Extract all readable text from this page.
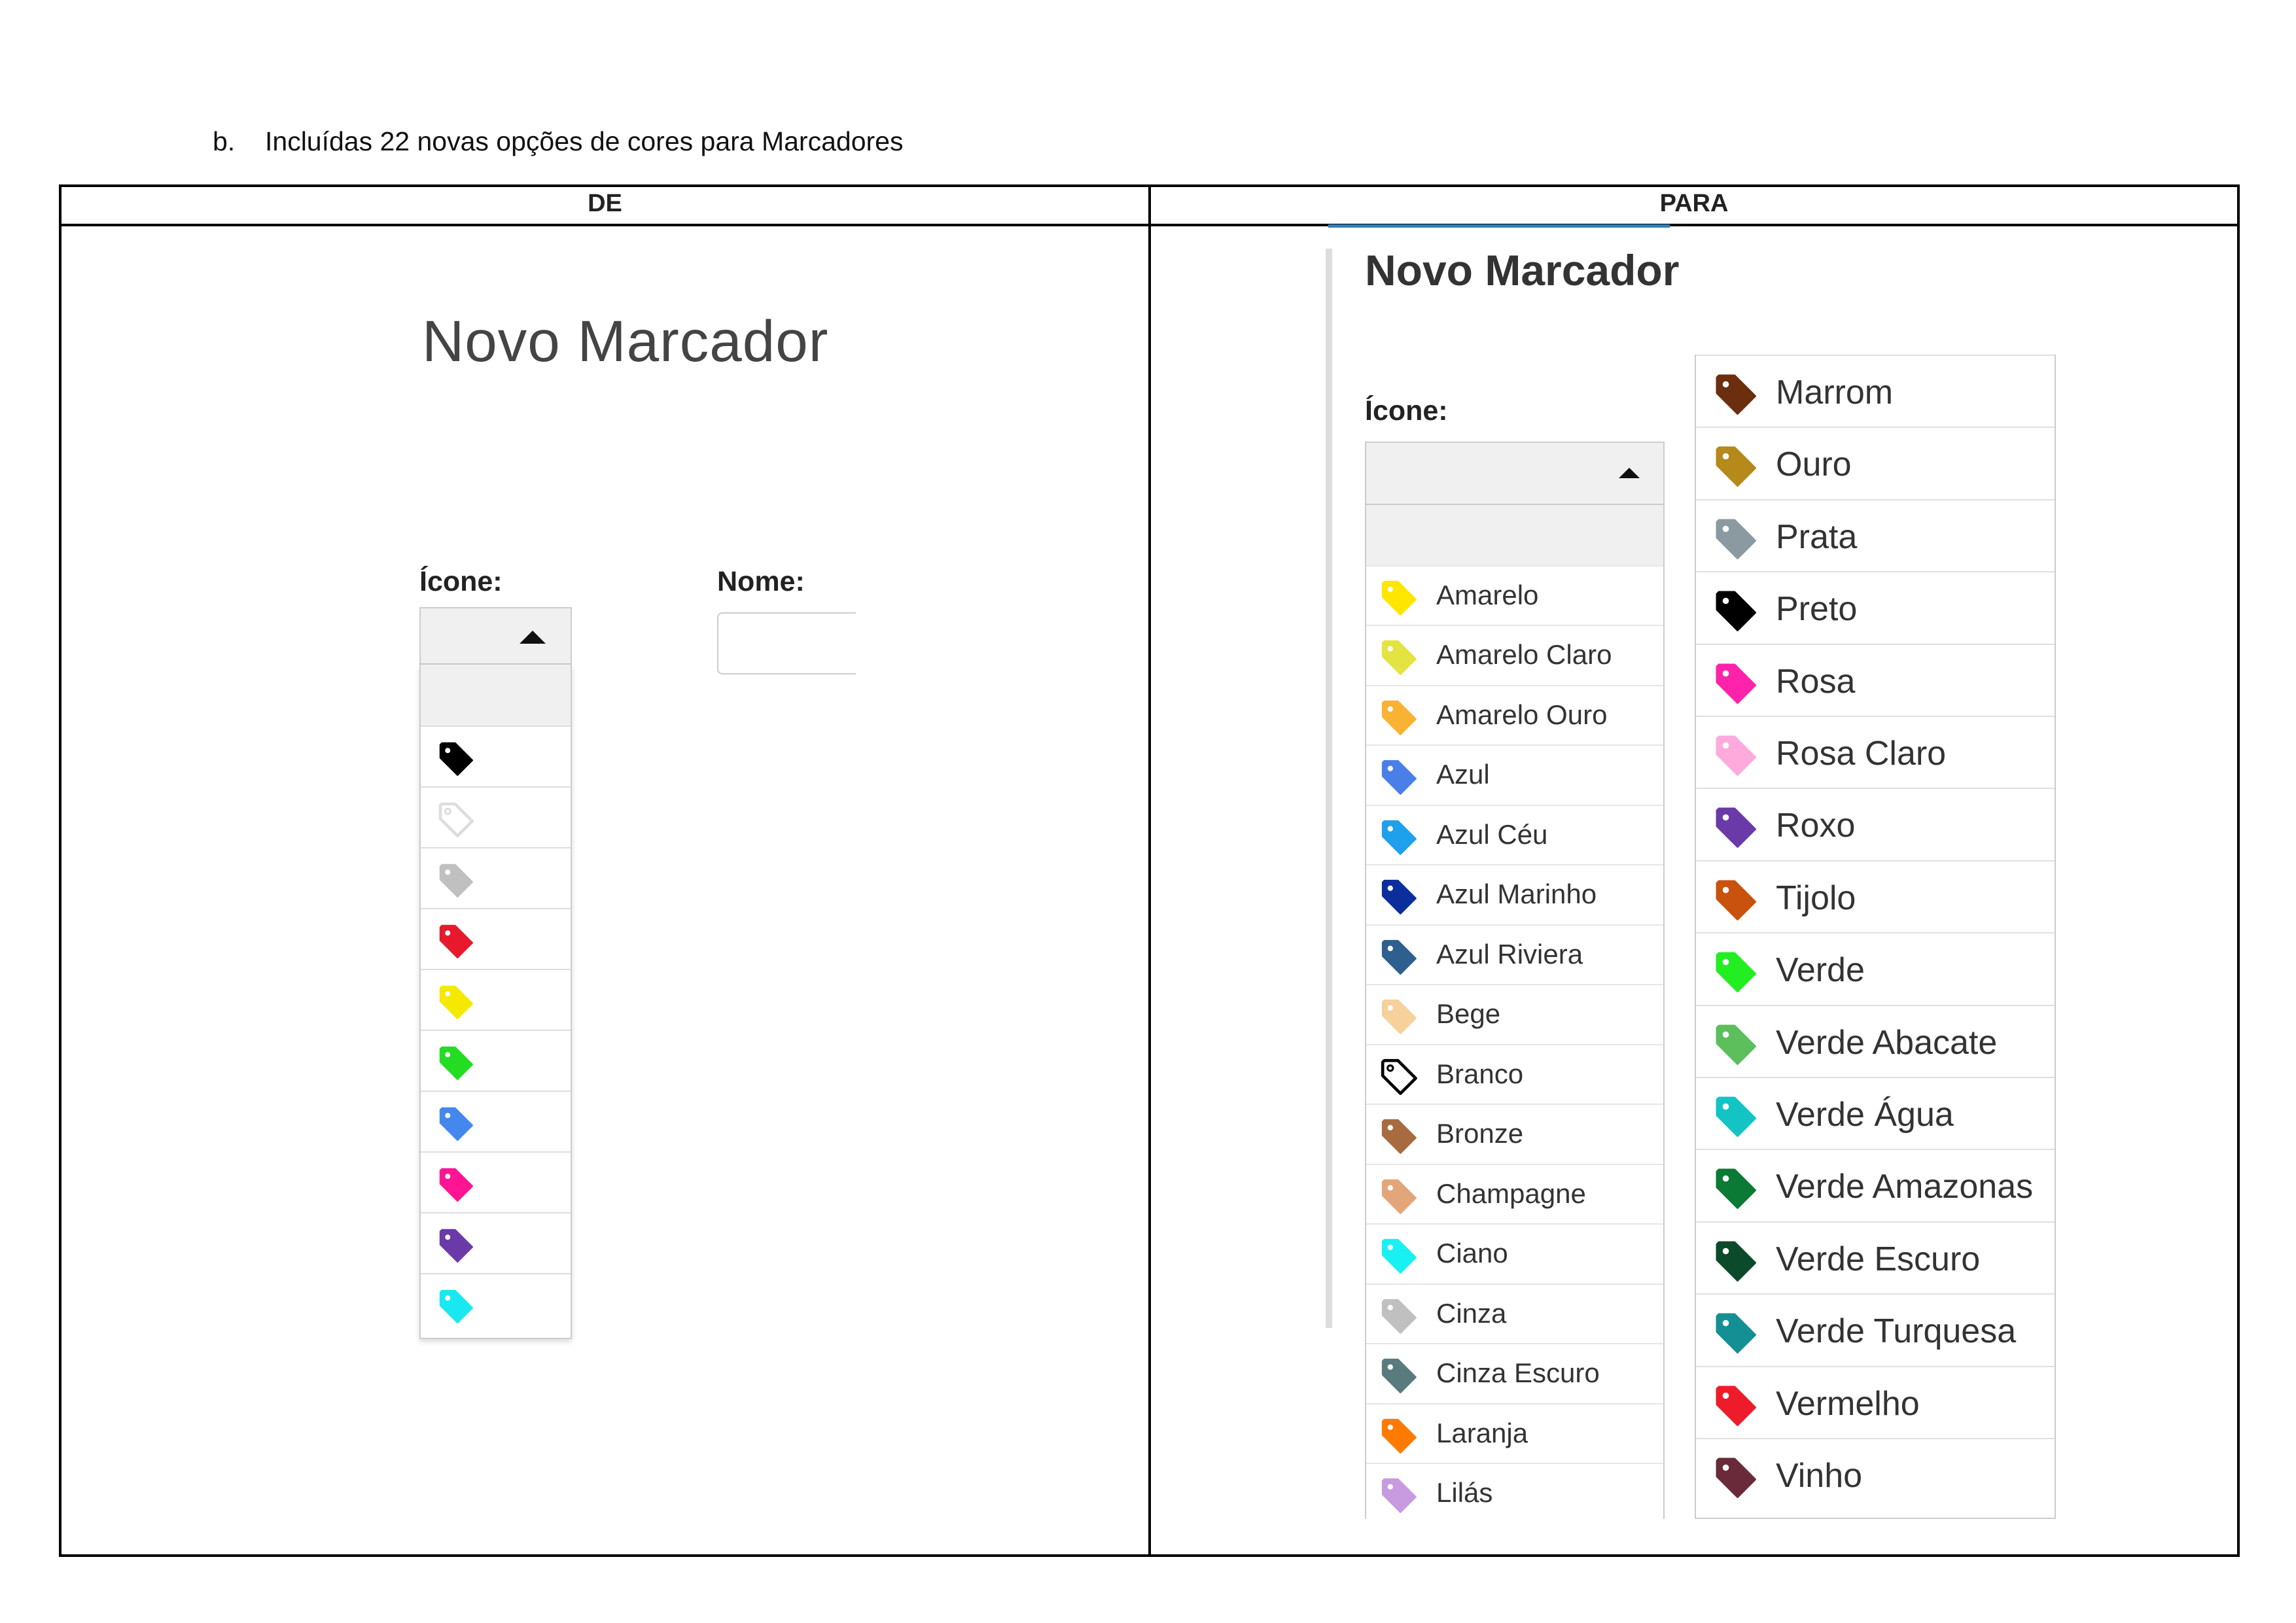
b. Incluídas 22 novas opções de cores para Marcadores
DE	PARA
Novo Marcador
Ícone:	Nome:
Novo Marcador
Ícone:
Amarelo
Amarelo Claro
Amarelo Ouro
Azul
Azul Céu
Azul Marinho
Azul Riviera
Bege
Branco
Bronze
Champagne
Ciano
Cinza
Cinza Escuro
Laranja
Lilás
Marrom
Ouro
Prata
Preto
Rosa
Rosa Claro
Roxo
Tijolo
Verde
Verde Abacate
Verde Água
Verde Amazonas
Verde Escuro
Verde Turquesa
Vermelho
Vinho
